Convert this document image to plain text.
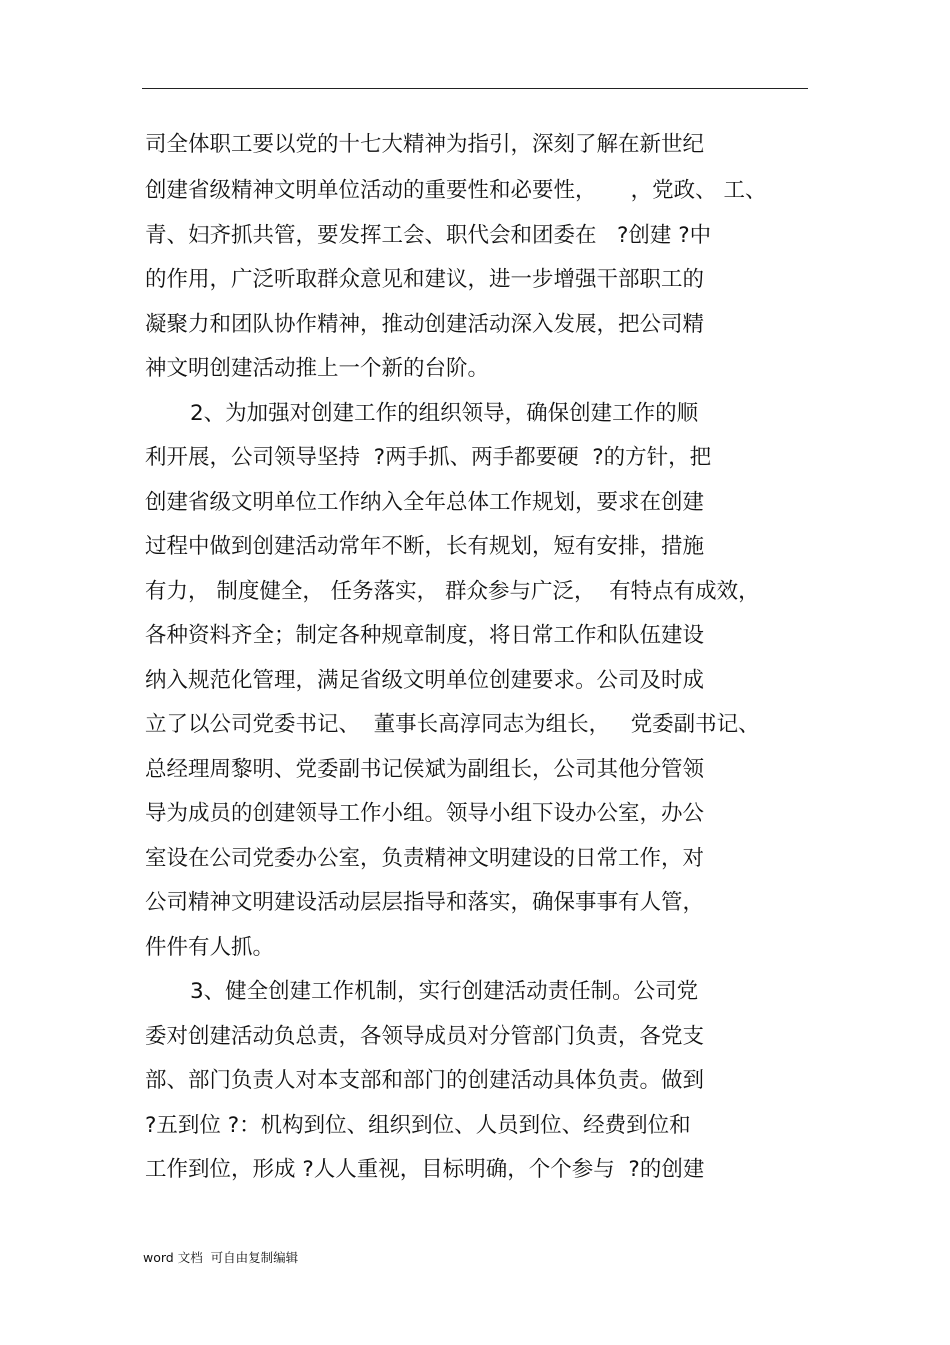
司全体职工要以党的十七大精神为指引，深刻了解在新世纪
创建省级精神文明单位活动的重要性和必要性，     ，党政、 工、
青、妇齐抓共管，要发挥工会、职代会和团委在   ?创建 ?中
的作用，广泛听取群众意见和建议，进一步增强干部职工的
凝聚力和团队协作精神，推动创建活动深入发展，把公司精
神文明创建活动推上一个新的台阶。
2、为加强对创建工作的组织领导，确保创建工作的顺
利开展，公司领导坚持  ?两手抓、两手都要硬  ?的方针，把
创建省级文明单位工作纳入全年总体工作规划，要求在创建
过程中做到创建活动常年不断，长有规划，短有安排，措施
有力， 制度健全， 任务落实， 群众参与广泛，  有特点有成效，
各种资料齐全；制定各种规章制度，将日常工作和队伍建设
纳入规范化管理，满足省级文明单位创建要求。公司及时成
立了以公司党委书记、  董事长高淳同志为组长，   党委副书记、
总经理周黎明、党委副书记侯斌为副组长，公司其他分管领
导为成员的创建领导工作小组。领导小组下设办公室，办公
室设在公司党委办公室，负责精神文明建设的日常工作，对
公司精神文明建设活动层层指导和落实，确保事事有人管，
件件有人抓。
3、健全创建工作机制，实行创建活动责任制。公司党
委对创建活动负总责，各领导成员对分管部门负责，各党支
部、部门负责人对本支部和部门的创建活动具体负责。做到
?五到位 ?：机构到位、组织到位、人员到位、经费到位和
工作到位，形成 ?人人重视，目标明确，个个参与  ?的创建
word 文档  可自由复制编辑
